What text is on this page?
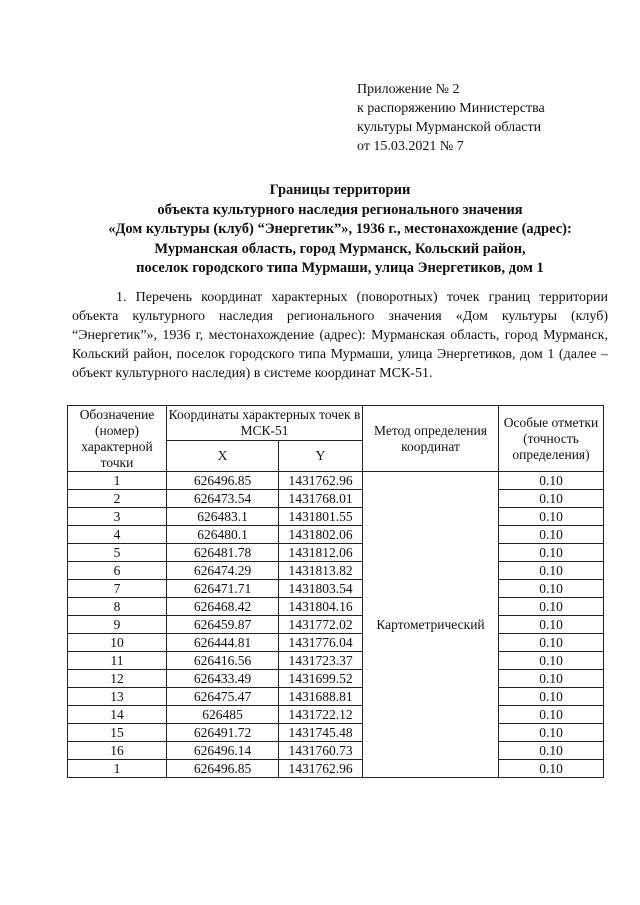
Приложение № 2
к распоряжению Министерства
культуры Мурманской области
от 15.03.2021 № 7
Границы территории
объекта культурного наследия регионального значения
«Дом культуры (клуб) “Энергетик”», 1936 г., местонахождение (адрес):
Мурманская область, город Мурманск, Кольский район,
поселок городского типа Мурмаши, улица Энергетиков, дом 1
1. Перечень координат характерных (поворотных) точек границ территории объекта культурного наследия регионального значения «Дом культуры (клуб) “Энергетик”», 1936 г, местонахождение (адрес): Мурманская область, город Мурманск, Кольский район, поселок городского типа Мурмаши, улица Энергетиков, дом 1 (далее – объект культурного наследия) в системе координат МСК-51.
Обозначение (номер) характерной точки	Координаты характерных точек в МСК-51		Метод определения координат	Особые отметки (точность определения)
	X	Y		
1	626496.85	1431762.96	Картометрический	0.10
2	626473.54	1431768.01		0.10
3	626483.1	1431801.55		0.10
4	626480.1	1431802.06		0.10
5	626481.78	1431812.06		0.10
6	626474.29	1431813.82		0.10
7	626471.71	1431803.54		0.10
8	626468.42	1431804.16		0.10
9	626459.87	1431772.02		0.10
10	626444.81	1431776.04		0.10
11	626416.56	1431723.37		0.10
12	626433.49	1431699.52		0.10
13	626475.47	1431688.81		0.10
14	626485	1431722.12		0.10
15	626491.72	1431745.48		0.10
16	626496.14	1431760.73		0.10
1	626496.85	1431762.96		0.10
